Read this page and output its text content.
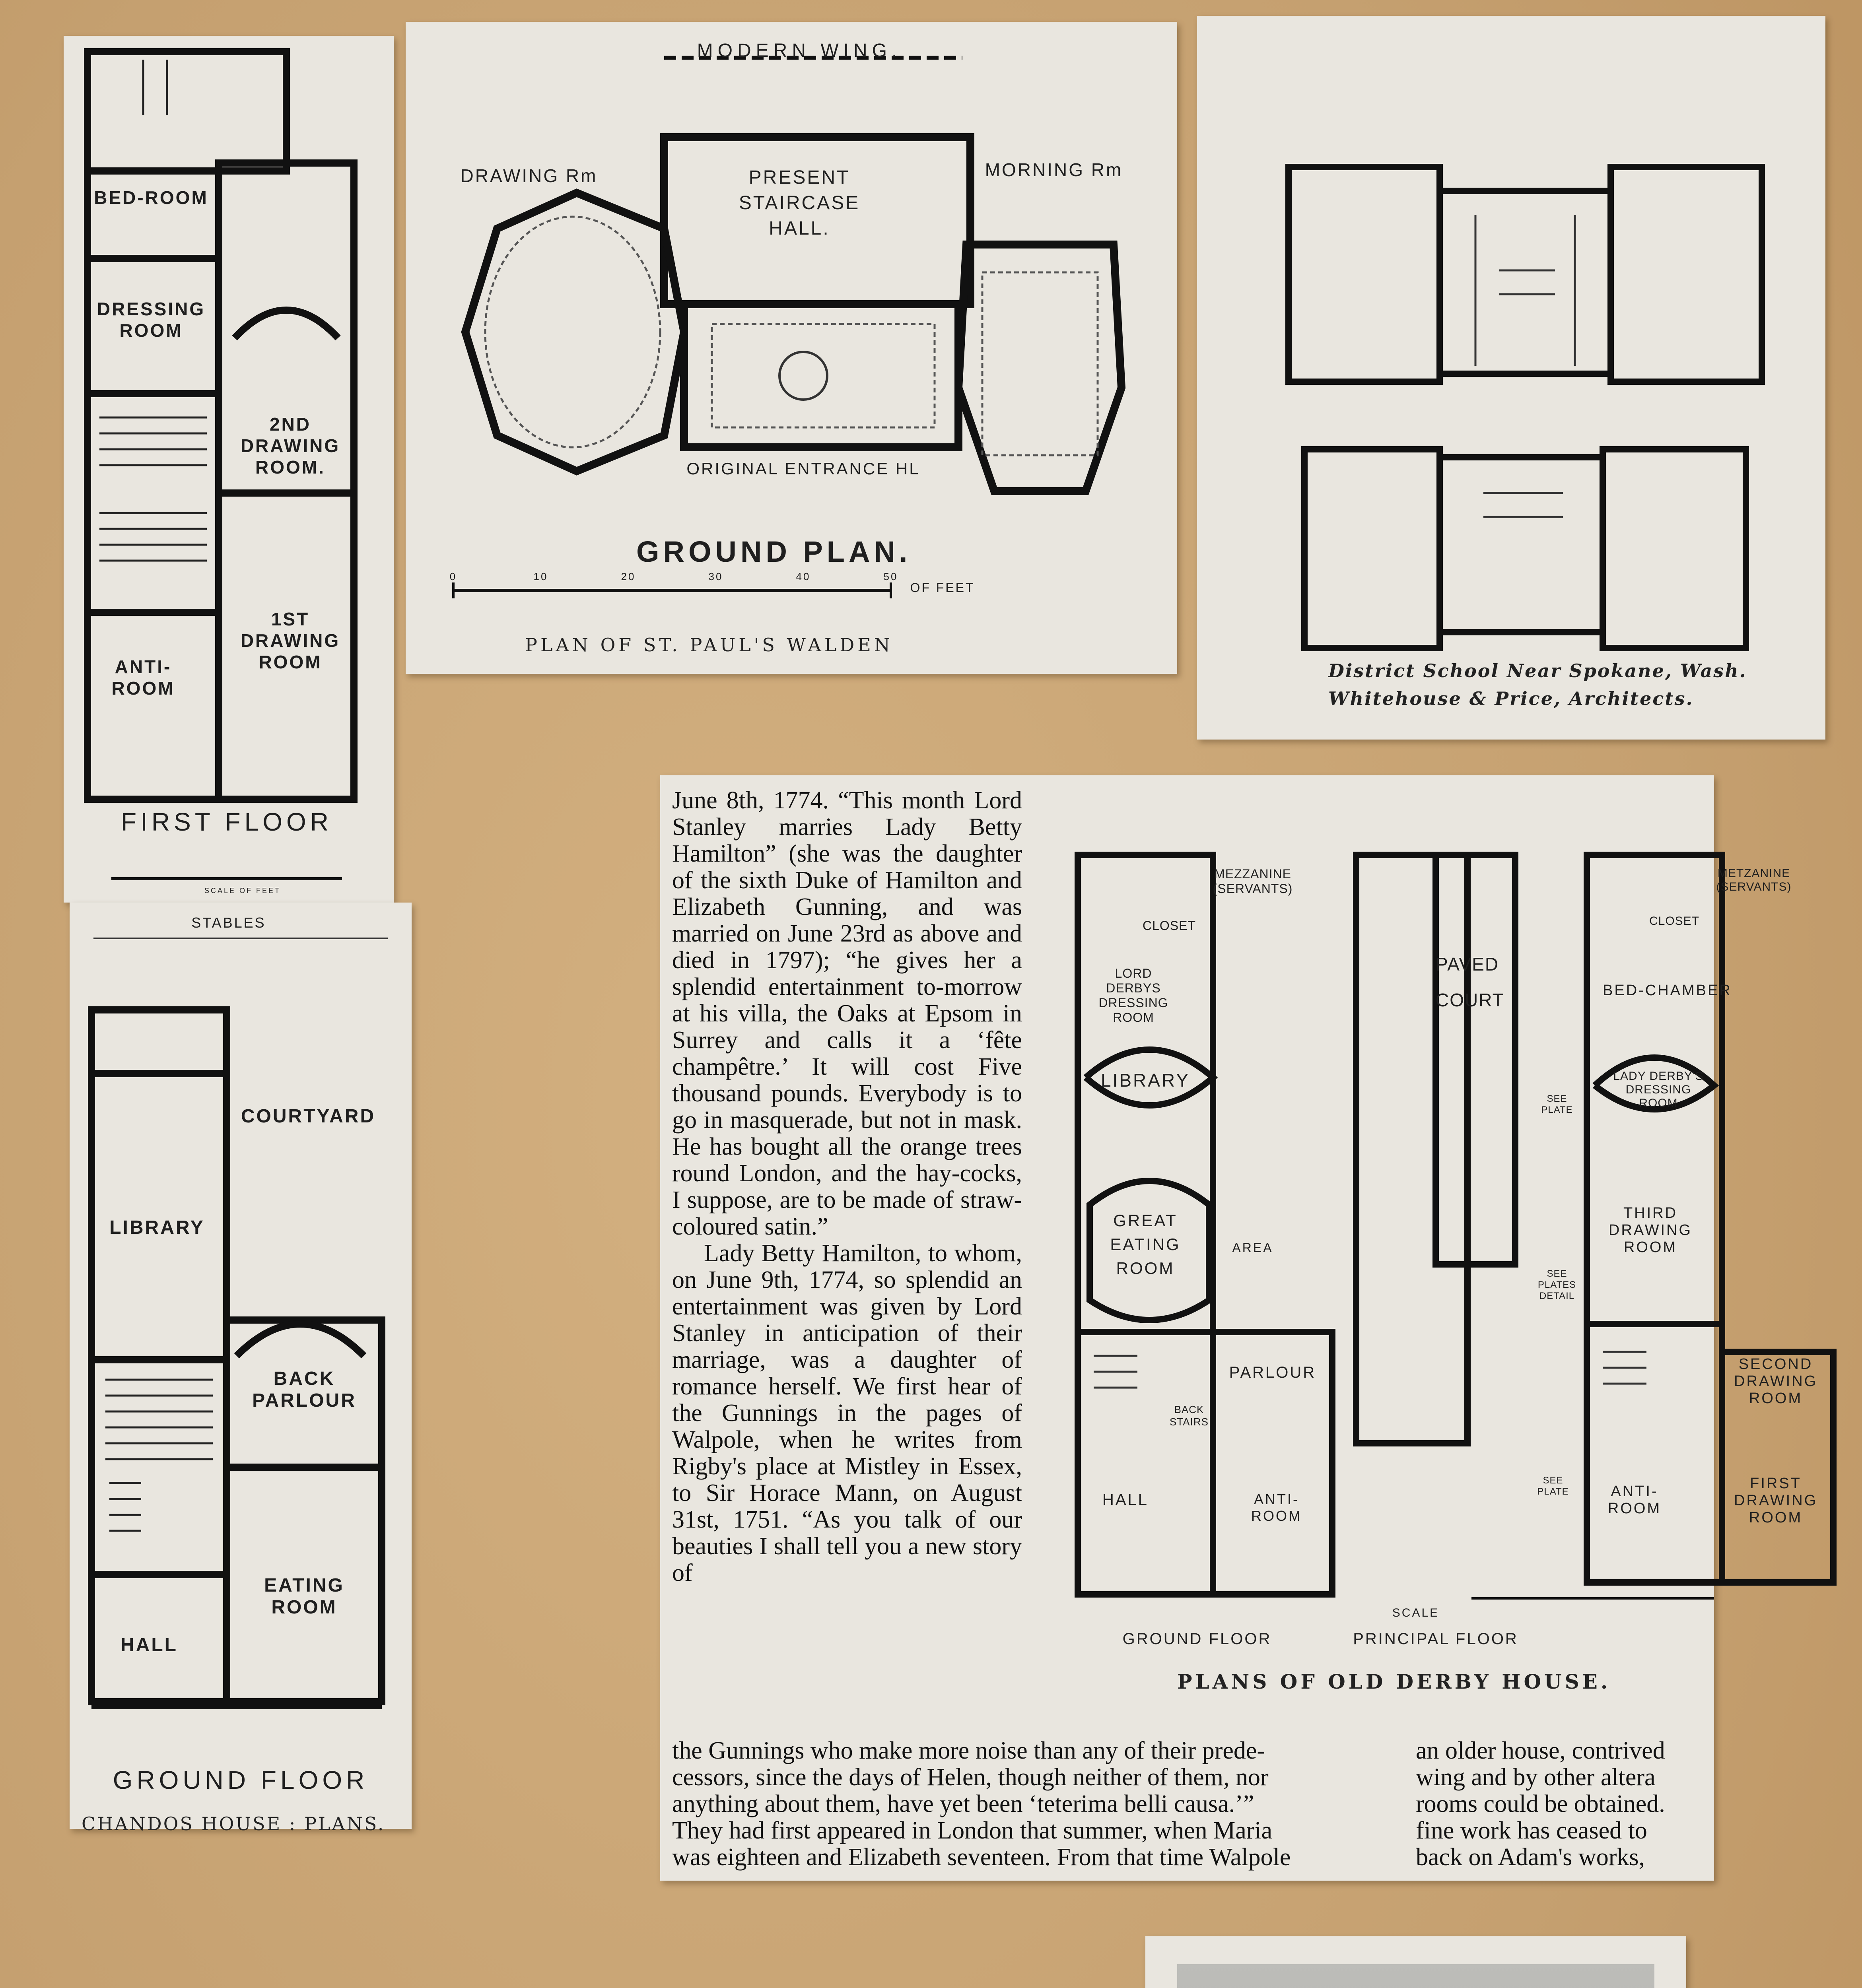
BED-ROOM
DRESSING ROOM
2ND DRAWING ROOM.
1ST DRAWING ROOM
ANTI-ROOM
FIRST FLOOR
SCALE OF FEET
STABLES
COURTYARD
LIBRARY
BACK PARLOUR
EATING ROOM
HALL
GROUND FLOOR
CHANDOS HOUSE : PLANS.
MODERN WING.
DRAWING Rm	PRESENT STAIRCASE HALL.
MORNING Rm
ORIGINAL ENTRANCE HL
GROUND PLAN.
0	10	20	30	40	50
OF FEET
PLAN OF ST. PAUL'S WALDEN
District School Near Spokane, Wash.
Whitehouse & Price, Architects.

June 8th, 1774. “This month Lord Stanley marries Lady Betty Hamilton” (she was the daughter of the sixth Duke of Hamilton and Elizabeth Gunning, and was married on June 23rd as above and died in 1797); “he gives her a splendid entertainment to-morrow at his villa, the Oaks at Epsom in Surrey and calls it a ‘fête champêtre.’ It will cost Five thousand pounds. Everybody is to go in masquerade, but not in mask. He has bought all the orange trees round London, and the hay-cocks, I suppose, are to be made of straw-coloured satin.”

Lady Betty Hamilton, to whom, on June 9th, 1774, so splendid an entertainment was given by Lord Stanley in anticipation of their marriage, was a daughter of romance herself. We first hear of the Gunnings in the pages of Walpole, when he writes from Rigby's place at Mistley in Essex, to Sir Horace Mann, on August 31st, 1751. “As you talk of our beauties I shall tell you a new story of

the Gunnings who make more noise than any of their prede-
cessors, since the days of Helen, though neither of them, nor
anything about them, have yet been ‘teterima belli causa.’”
They had first appeared in London that summer, when Maria
was eighteen and Elizabeth seventeen. From that time Walpole
an older house, contrived
wing and by other altera
rooms could be obtained.
fine work has ceased to
back on Adam's works,
MEZZANINE (SERVANTS)
CLOSET
LORD DERBYS DRESSING ROOM
LIBRARY
PAVED COURT
GREAT EATING ROOM
AREA
PARLOUR
BACK STAIRS
HALL	ANTI-ROOM
METZANINE (SERVANTS)
CLOSET
BED-CHAMBER
LADY DERBY'S DRESSING ROOM
THIRD DRAWING ROOM
SECOND DRAWING ROOM
ANTI-ROOM
FIRST DRAWING ROOM
SEE PLATE
SEE PLATES DETAIL
SEE PLATE
GROUND FLOOR	PRINCIPAL FLOOR
SCALE
PLANS OF OLD DERBY HOUSE.
